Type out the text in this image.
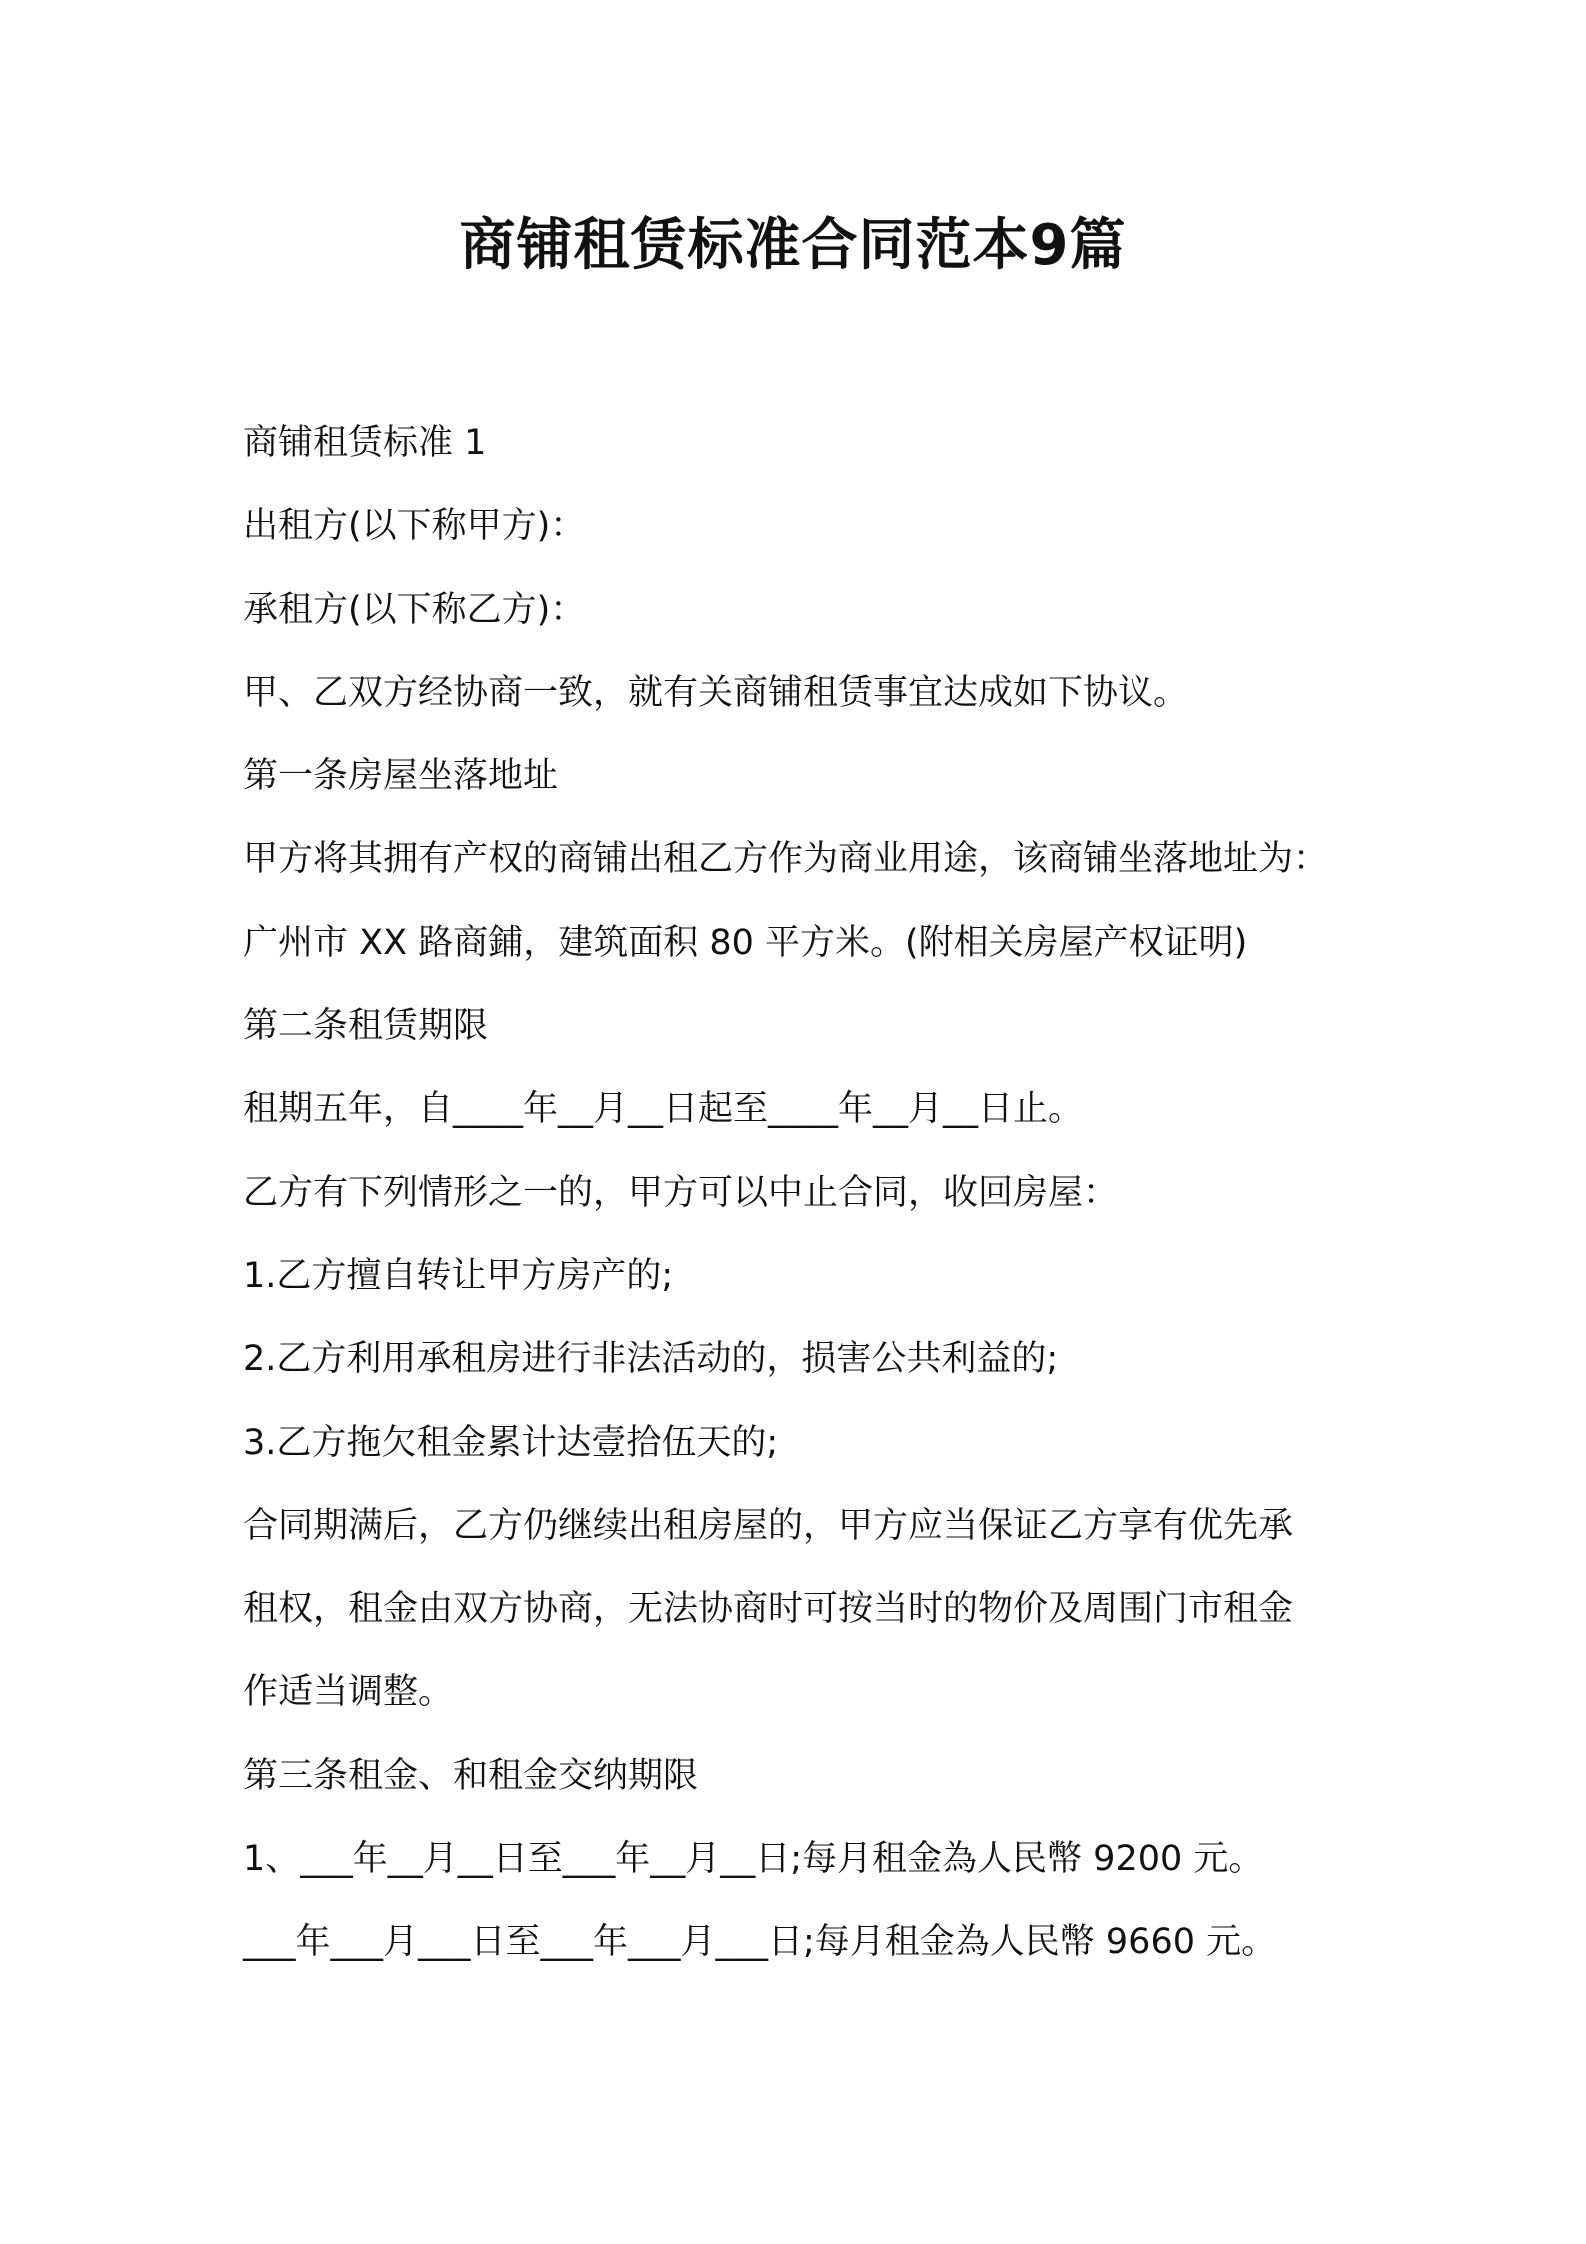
商铺租赁标准合同范本9篇

商铺租赁标准 1

出租方(以下称甲方)：

承租方(以下称乙方)：

甲、乙双方经协商一致，就有关商铺租赁事宜达成如下协议。

第一条房屋坐落地址

甲方将其拥有产权的商铺出租乙方作为商业用途，该商铺坐落地址为：

广州市 XX 路商鋪，建筑面积 80 平方米。(附相关房屋产权证明)

第二条租赁期限

租期五年，自____年__月__日起至____年__月__日止。

乙方有下列情形之一的，甲方可以中止合同，收回房屋：

1.乙方擅自转让甲方房产的;

2.乙方利用承租房进行非法活动的，损害公共利益的;

3.乙方拖欠租金累计达壹拾伍天的;

合同期满后，乙方仍继续出租房屋的，甲方应当保证乙方享有优先承

租权，租金由双方协商，无法协商时可按当时的物价及周围门市租金

作适当调整。

第三条租金、和租金交纳期限

1、___年__月__日至___年__月__日;每月租金為人民幣 9200 元。

___年___月___日至___年___月___日;每月租金為人民幣 9660 元。
